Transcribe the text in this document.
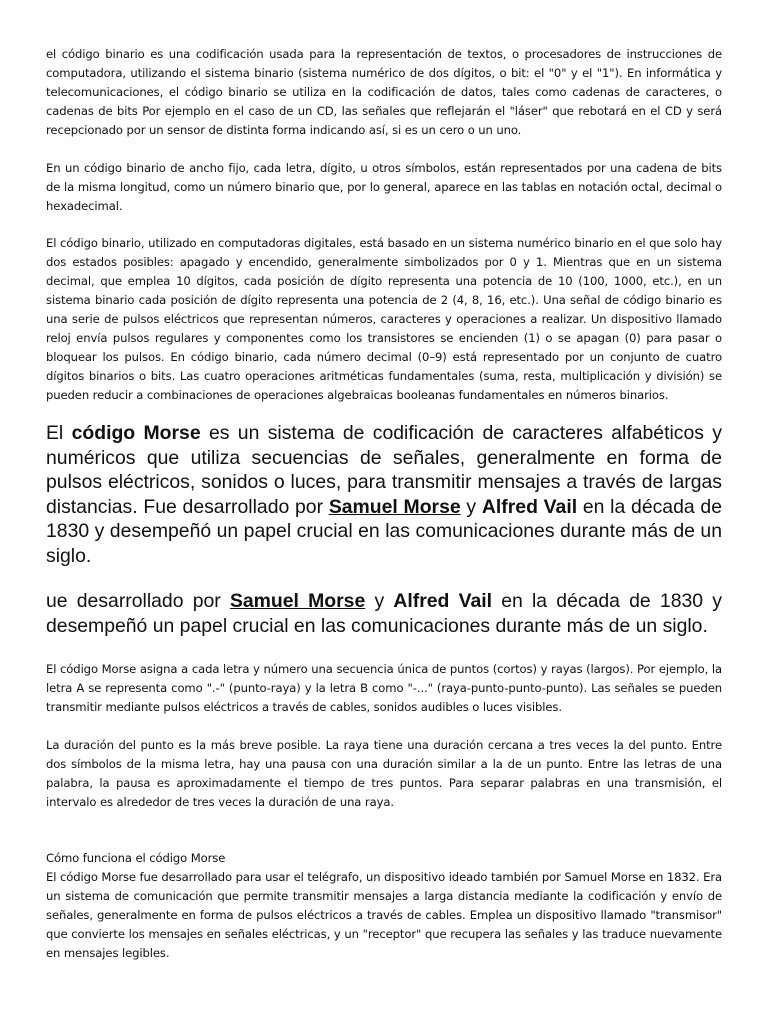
el código binario es una codificación usada para la representación de textos, o procesadores de instrucciones de computadora, utilizando el sistema binario (sistema numérico de dos dígitos, o bit: el "0" y el "1"). En informática y telecomunicaciones, el código binario se utiliza en la codificación de datos, tales como cadenas de caracteres, o cadenas de bits Por ejemplo en el caso de un CD, las señales que reflejarán el "láser" que rebotará en el CD y será recepcionado por un sensor de distinta forma indicando así, si es un cero o un uno.

En un código binario de ancho fijo, cada letra, dígito, u otros símbolos, están representados por una cadena de bits de la misma longitud, como un número binario que, por lo general, aparece en las tablas en notación octal, decimal o hexadecimal.

El código binario, utilizado en computadoras digitales, está basado en un sistema numérico binario en el que solo hay dos estados posibles: apagado y encendido, generalmente simbolizados por 0 y 1. Mientras que en un sistema decimal, que emplea 10 dígitos, cada posición de dígito representa una potencia de 10 (100, 1000, etc.), en un sistema binario cada posición de dígito representa una potencia de 2 (4, 8, 16, etc.). Una señal de código binario es una serie de pulsos eléctricos que representan números, caracteres y operaciones a realizar. Un dispositivo llamado reloj envía pulsos regulares y componentes como los transistores se encienden (1) o se apagan (0) para pasar o bloquear los pulsos. En código binario, cada número decimal (0–9) está representado por un conjunto de cuatro dígitos binarios o bits. Las cuatro operaciones aritméticas fundamentales (suma, resta, multiplicación y división) se pueden reducir a combinaciones de operaciones algebraicas booleanas fundamentales en números binarios.

El código Morse es un sistema de codificación de caracteres alfabéticos y numéricos que utiliza secuencias de señales, generalmente en forma de pulsos eléctricos, sonidos o luces, para transmitir mensajes a través de largas distancias. Fue desarrollado por Samuel Morse y Alfred Vail en la década de 1830 y desempeñó un papel crucial en las comunicaciones durante más de un siglo.

ue desarrollado por Samuel Morse y Alfred Vail en la década de 1830 y desempeñó un papel crucial en las comunicaciones durante más de un siglo.

El código Morse asigna a cada letra y número una secuencia única de puntos (cortos) y rayas (largos). Por ejemplo, la letra A se representa como ".-" (punto-raya) y la letra B como "-..." (raya-punto-punto-punto). Las señales se pueden transmitir mediante pulsos eléctricos a través de cables, sonidos audibles o luces visibles.

La duración del punto es la más breve posible. La raya tiene una duración cercana a tres veces la del punto. Entre dos símbolos de la misma letra, hay una pausa con una duración similar a la de un punto. Entre las letras de una palabra, la pausa es aproximadamente el tiempo de tres puntos. Para separar palabras en una transmisión, el intervalo es alrededor de tres veces la duración de una raya.

Cómo funciona el código Morse

El código Morse fue desarrollado para usar el telégrafo, un dispositivo ideado también por Samuel Morse en 1832. Era un sistema de comunicación que permite transmitir mensajes a larga distancia mediante la codificación y envío de señales, generalmente en forma de pulsos eléctricos a través de cables. Emplea un dispositivo llamado "transmisor" que convierte los mensajes en señales eléctricas, y un "receptor" que recupera las señales y las traduce nuevamente en mensajes legibles.
